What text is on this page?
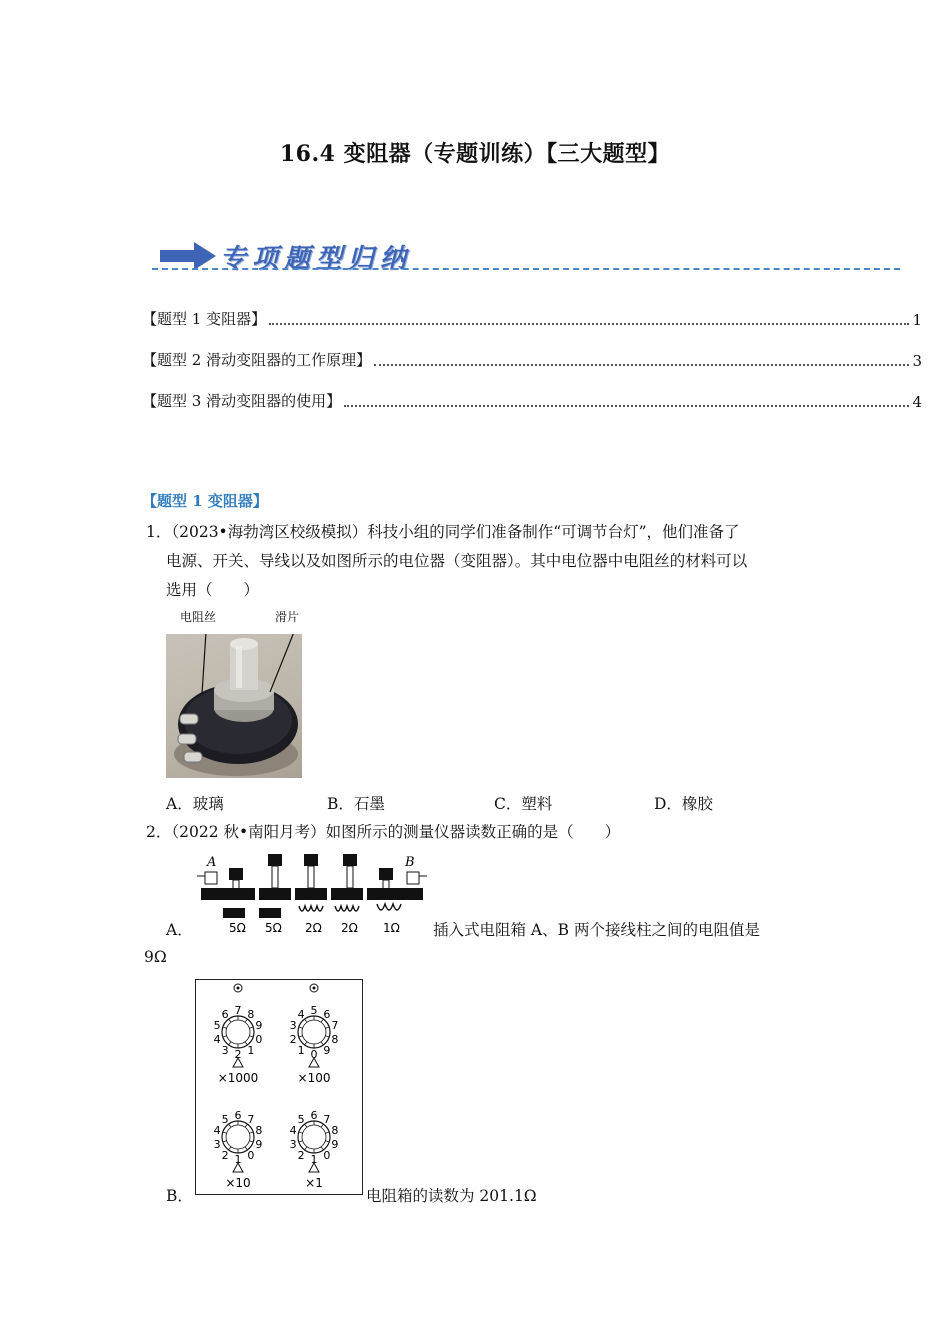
16.4 变阻器（专题训练）【三大题型】
专项题型归纳
【题型 1 变阻器】	1
【题型 2 滑动变阻器的工作原理】	3
【题型 3 滑动变阻器的使用】	4
【题型 1 变阻器】
1．（2023•海勃湾区校级模拟）科技小组的同学们准备制作“可调节台灯”，他们准备了
电源、开关、导线以及如图所示的电位器（变阻器）。其中电位器中电阻丝的材料可以
选用（　　）
电阻丝	滑片
A．玻璃	B．石墨	C．塑料	D．橡胶
2．（2022 秋•南阳月考）如图所示的测量仪器读数正确的是（　　）
A．
A	B
5Ω 5Ω 2Ω 2Ω 1Ω 插入式电阻箱 A、B 两个接线柱之间的电阻值是
9Ω
7 8
9
0
1
2
3
4
5
6
×1000
5 6
7
8
9
0
1
2
3
4
×100
6 7
8
9
0
1
2
3
4
5
×10
6 7
8
9
0
1
2
3
4
5
×1
B．	电阻箱的读数为 201.1Ω
